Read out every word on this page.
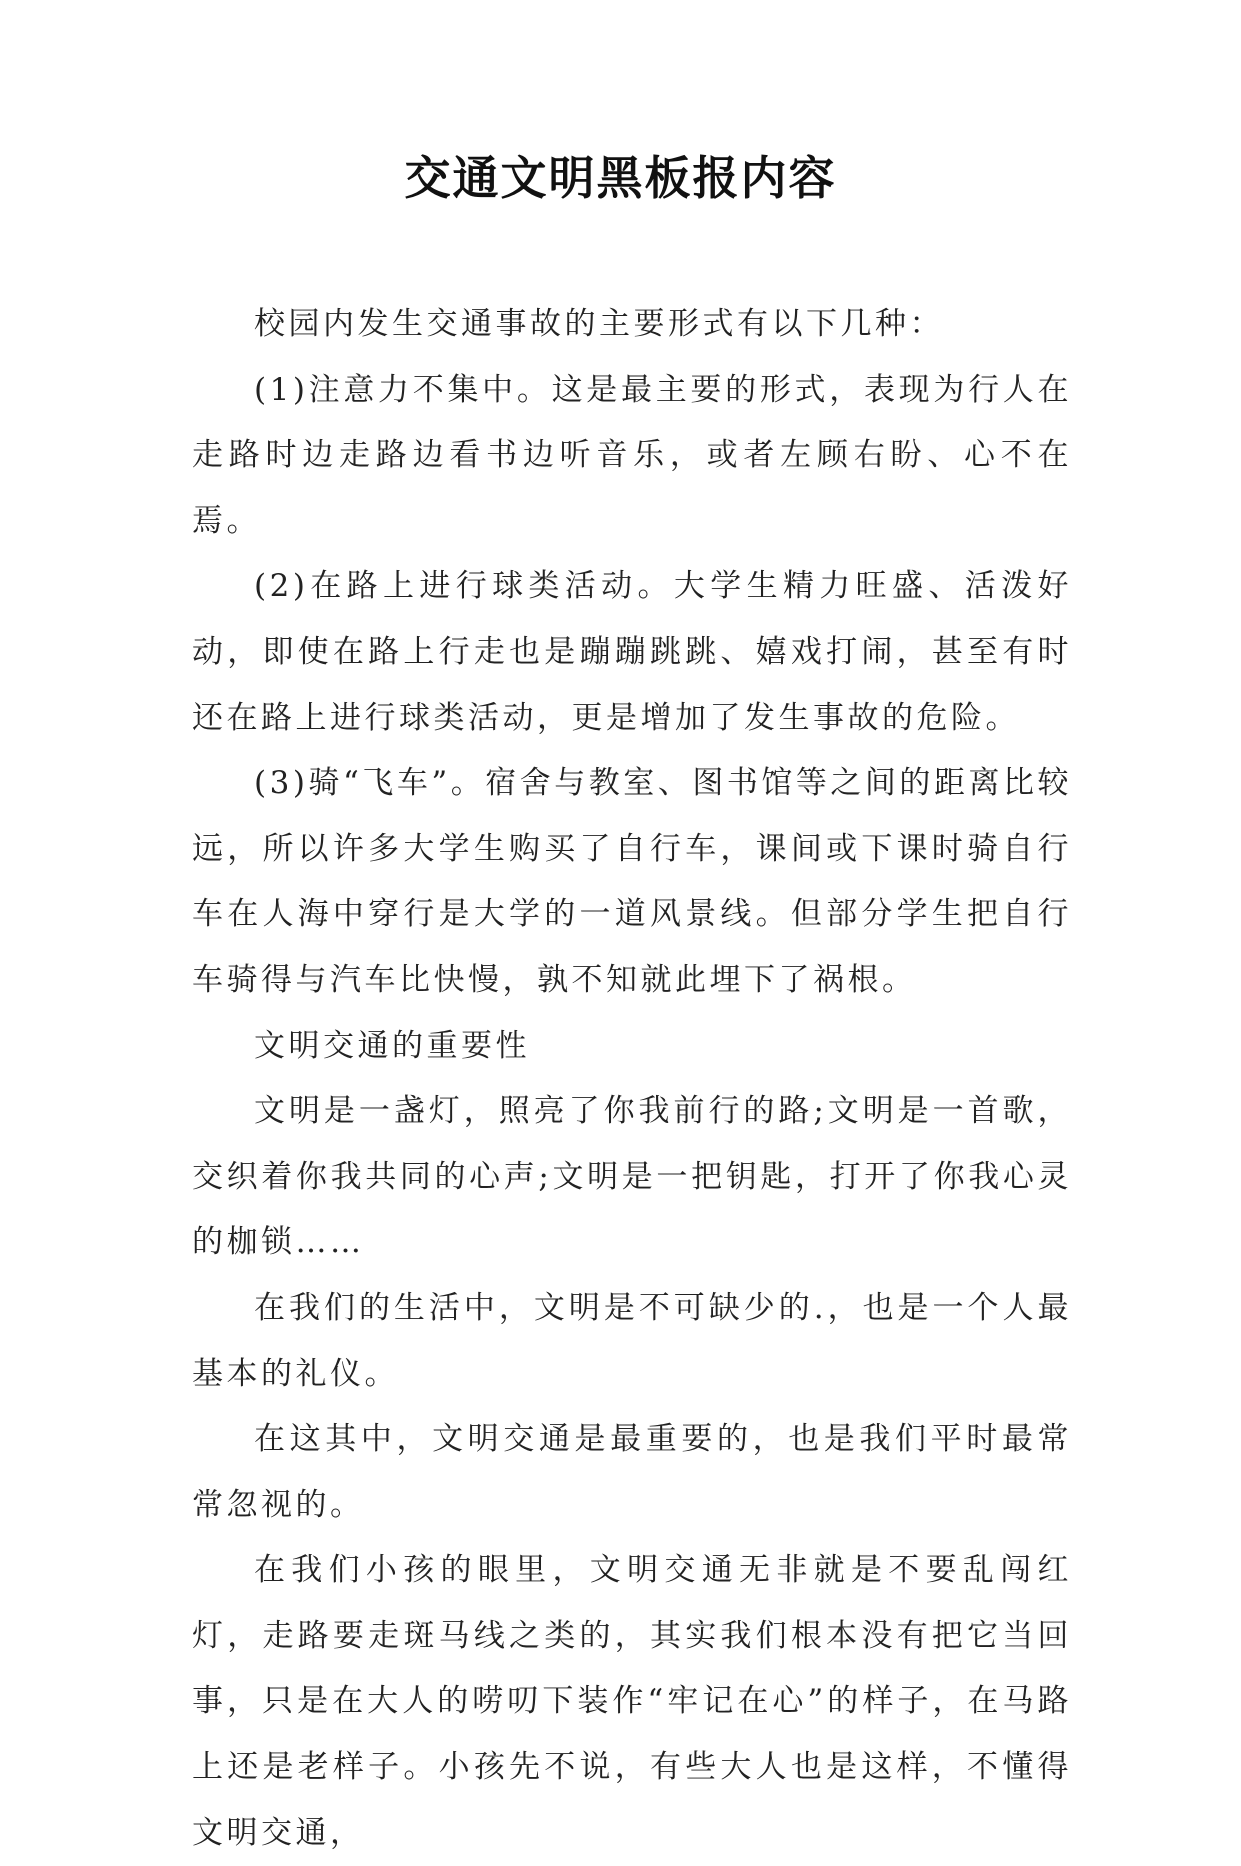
交通文明黑板报内容

校园内发生交通事故的主要形式有以下几种：

(1)注意力不集中。这是最主要的形式，表现为行人在走路时边走路边看书边听音乐，或者左顾右盼、心不在焉。

(2)在路上进行球类活动。大学生精力旺盛、活泼好动，即使在路上行走也是蹦蹦跳跳、嬉戏打闹，甚至有时还在路上进行球类活动，更是增加了发生事故的危险。

(3)骑“飞车”。宿舍与教室、图书馆等之间的距离比较远，所以许多大学生购买了自行车，课间或下课时骑自行车在人海中穿行是大学的一道风景线。但部分学生把自行车骑得与汽车比快慢，孰不知就此埋下了祸根。

文明交通的重要性

文明是一盏灯，照亮了你我前行的路;文明是一首歌，交织着你我共同的心声;文明是一把钥匙，打开了你我心灵的枷锁……

在我们的生活中，文明是不可缺少的.，也是一个人最基本的礼仪。

在这其中，文明交通是最重要的，也是我们平时最常常忽视的。

在我们小孩的眼里，文明交通无非就是不要乱闯红灯，走路要走斑马线之类的，其实我们根本没有把它当回事，只是在大人的唠叨下装作“牢记在心”的样子，在马路上还是老样子。小孩先不说，有些大人也是这样，不懂得文明交通，
